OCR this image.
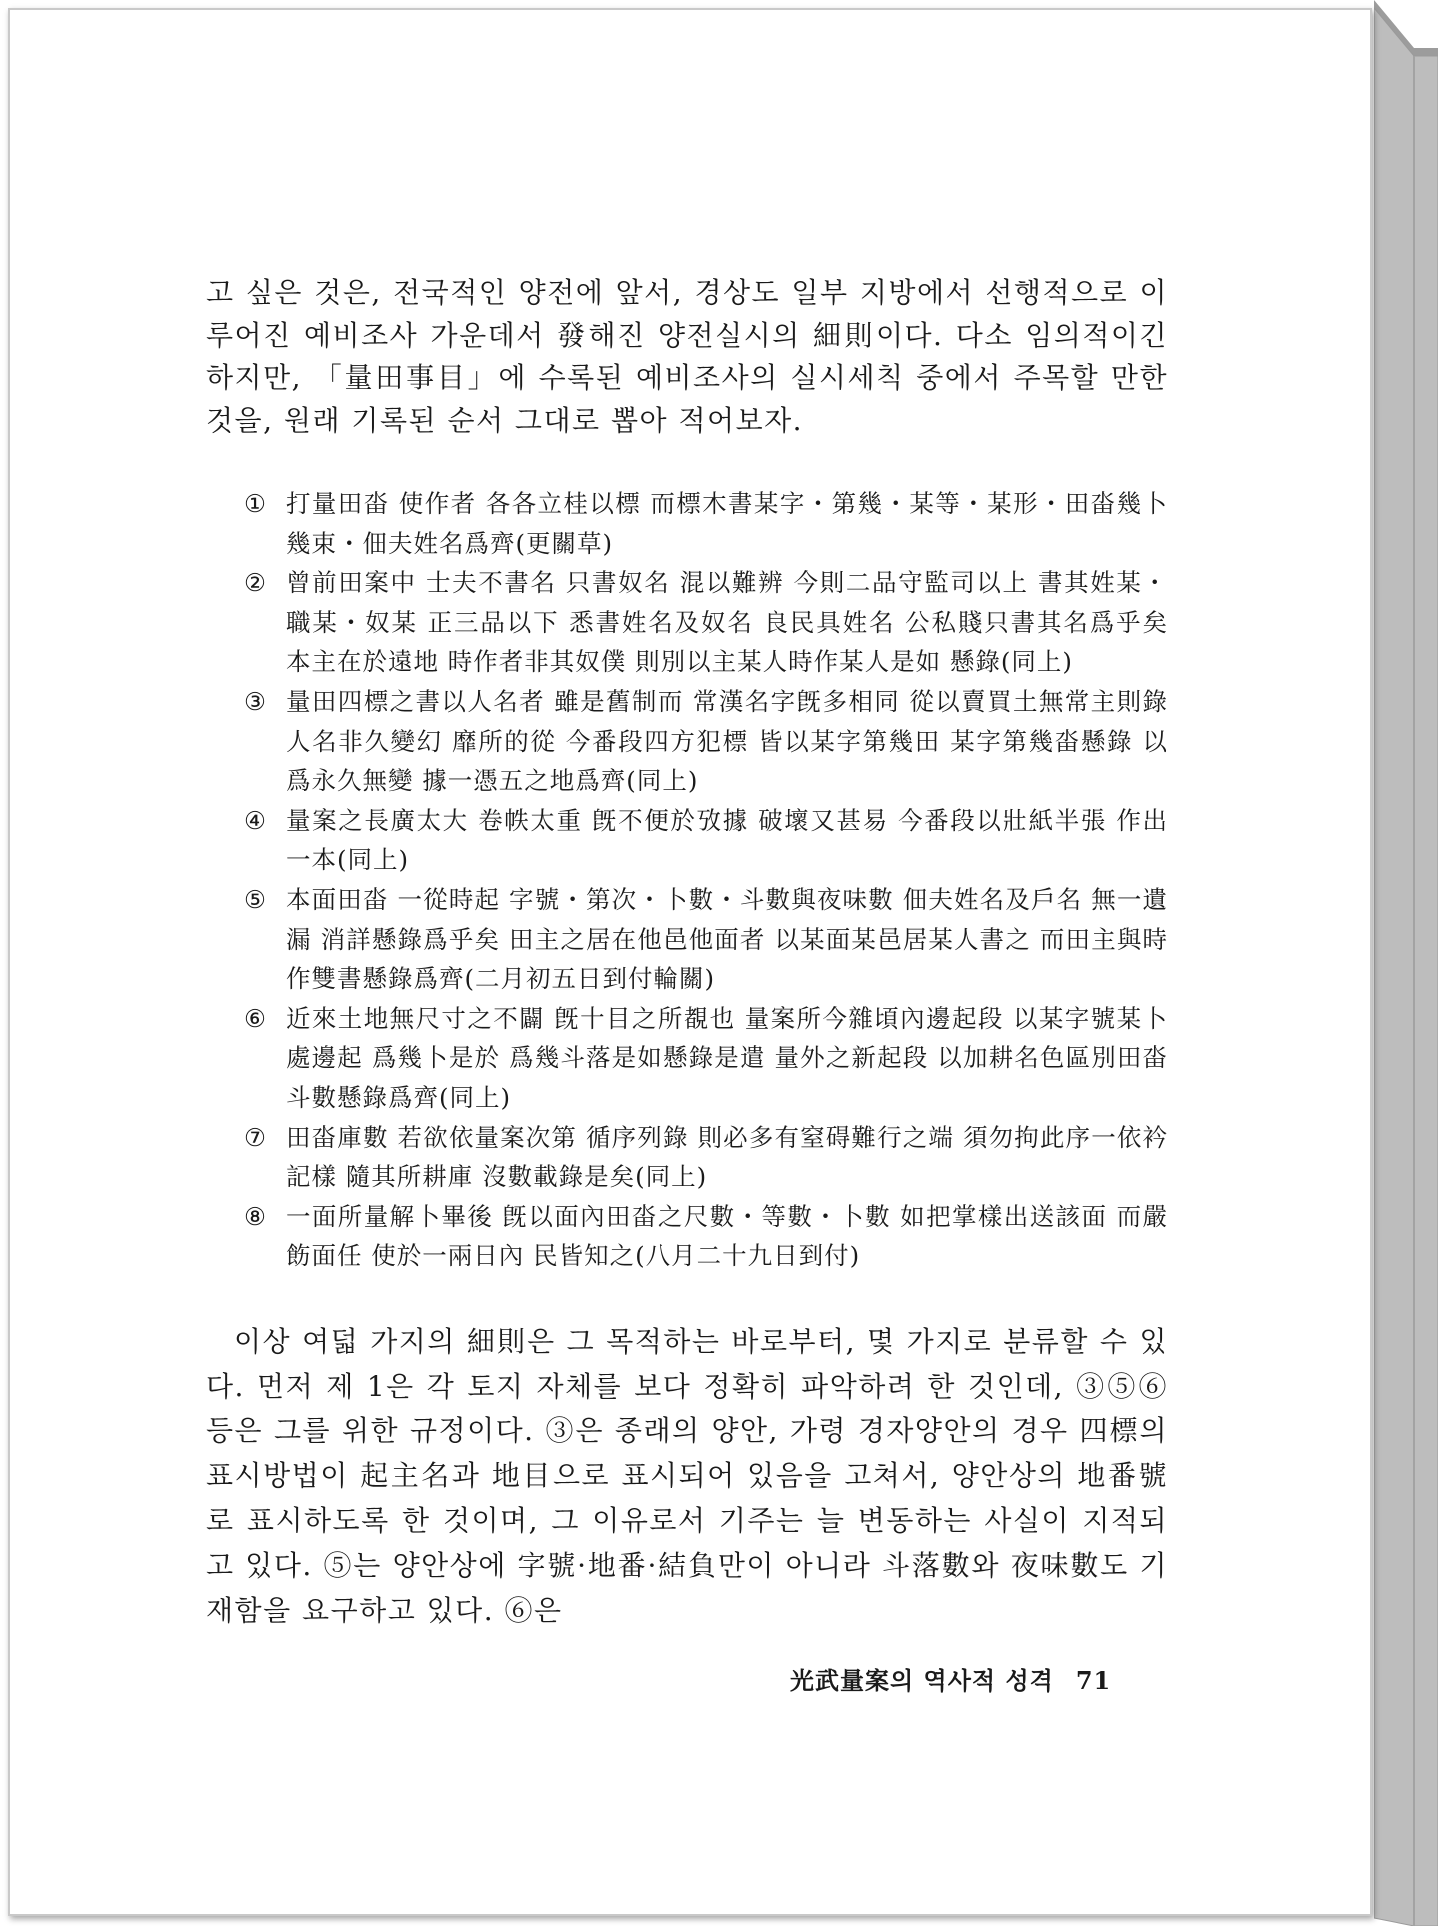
고 싶은 것은, 전국적인 양전에 앞서, 경상도 일부 지방에서 선행적으로 이루어진 예비조사 가운데서 發해진 양전실시의 細則이다. 다소 임의적이긴 하지만, 「量田事目」에 수록된 예비조사의 실시세칙 중에서 주목할 만한 것을, 원래 기록된 순서 그대로 뽑아 적어보자.

① 打量田畓 使作者 各各立桂以標 而標木書某字・第幾・某等・某形・田畓幾卜幾束・佃夫姓名爲齊(更關草)
② 曾前田案中 士夫不書名 只書奴名 混以難辨 今則二品守監司以上 書其姓某・職某・奴某 正三品以下 悉書姓名及奴名 良民具姓名 公私賤只書其名爲乎矣 本主在於遠地 時作者非其奴僕 則別以主某人時作某人是如 懸錄(同上)
③ 量田四標之書以人名者 雖是舊制而 常漢名字旣多相同 從以賣買土無常主則錄人名非久變幻 靡所的從 今番段四方犯標 皆以某字第幾田 某字第幾畓懸錄 以爲永久無變 據一憑五之地爲齊(同上)
④ 量案之長廣太大 卷帙太重 旣不便於攷據 破壞又甚易 今番段以壯紙半張 作出一本(同上)
⑤ 本面田畓 一從時起 字號・第次・卜數・斗數與夜味數 佃夫姓名及戶名 無一遺漏 消詳懸錄爲乎矣 田主之居在他邑他面者 以某面某邑居某人書之 而田主與時作雙書懸錄爲齊(二月初五日到付輪關)
⑥ 近來土地無尺寸之不闢 旣十目之所覩也 量案所今雜頃內邊起段 以某字號某卜處邊起 爲幾卜是於 爲幾斗落是如懸錄是遣 量外之新起段 以加耕名色區別田畓斗數懸錄爲齊(同上)
⑦ 田畓庫數 若欲依量案次第 循序列錄 則必多有窒碍難行之端 須勿拘此序一依衿記樣 隨其所耕庫 沒數載錄是矣(同上)
⑧ 一面所量解卜畢後 旣以面內田畓之尺數・等數・卜數 如把掌樣出送該面 而嚴飭面任 使於一兩日內 民皆知之(八月二十九日到付)

이상 여덟 가지의 細則은 그 목적하는 바로부터, 몇 가지로 분류할 수 있다. 먼저 제 1은 각 토지 자체를 보다 정확히 파악하려 한 것인데, ③⑤⑥ 등은 그를 위한 규정이다. ③은 종래의 양안, 가령 경자양안의 경우 四標의 표시방법이 起主名과 地目으로 표시되어 있음을 고쳐서, 양안상의 地番號로 표시하도록 한 것이며, 그 이유로서 기주는 늘 변동하는 사실이 지적되고 있다. ⑤는 양안상에 字號·地番·結負만이 아니라 斗落數와 夜味數도 기재함을 요구하고 있다. ⑥은

光武量案의 역사적 성격 71
